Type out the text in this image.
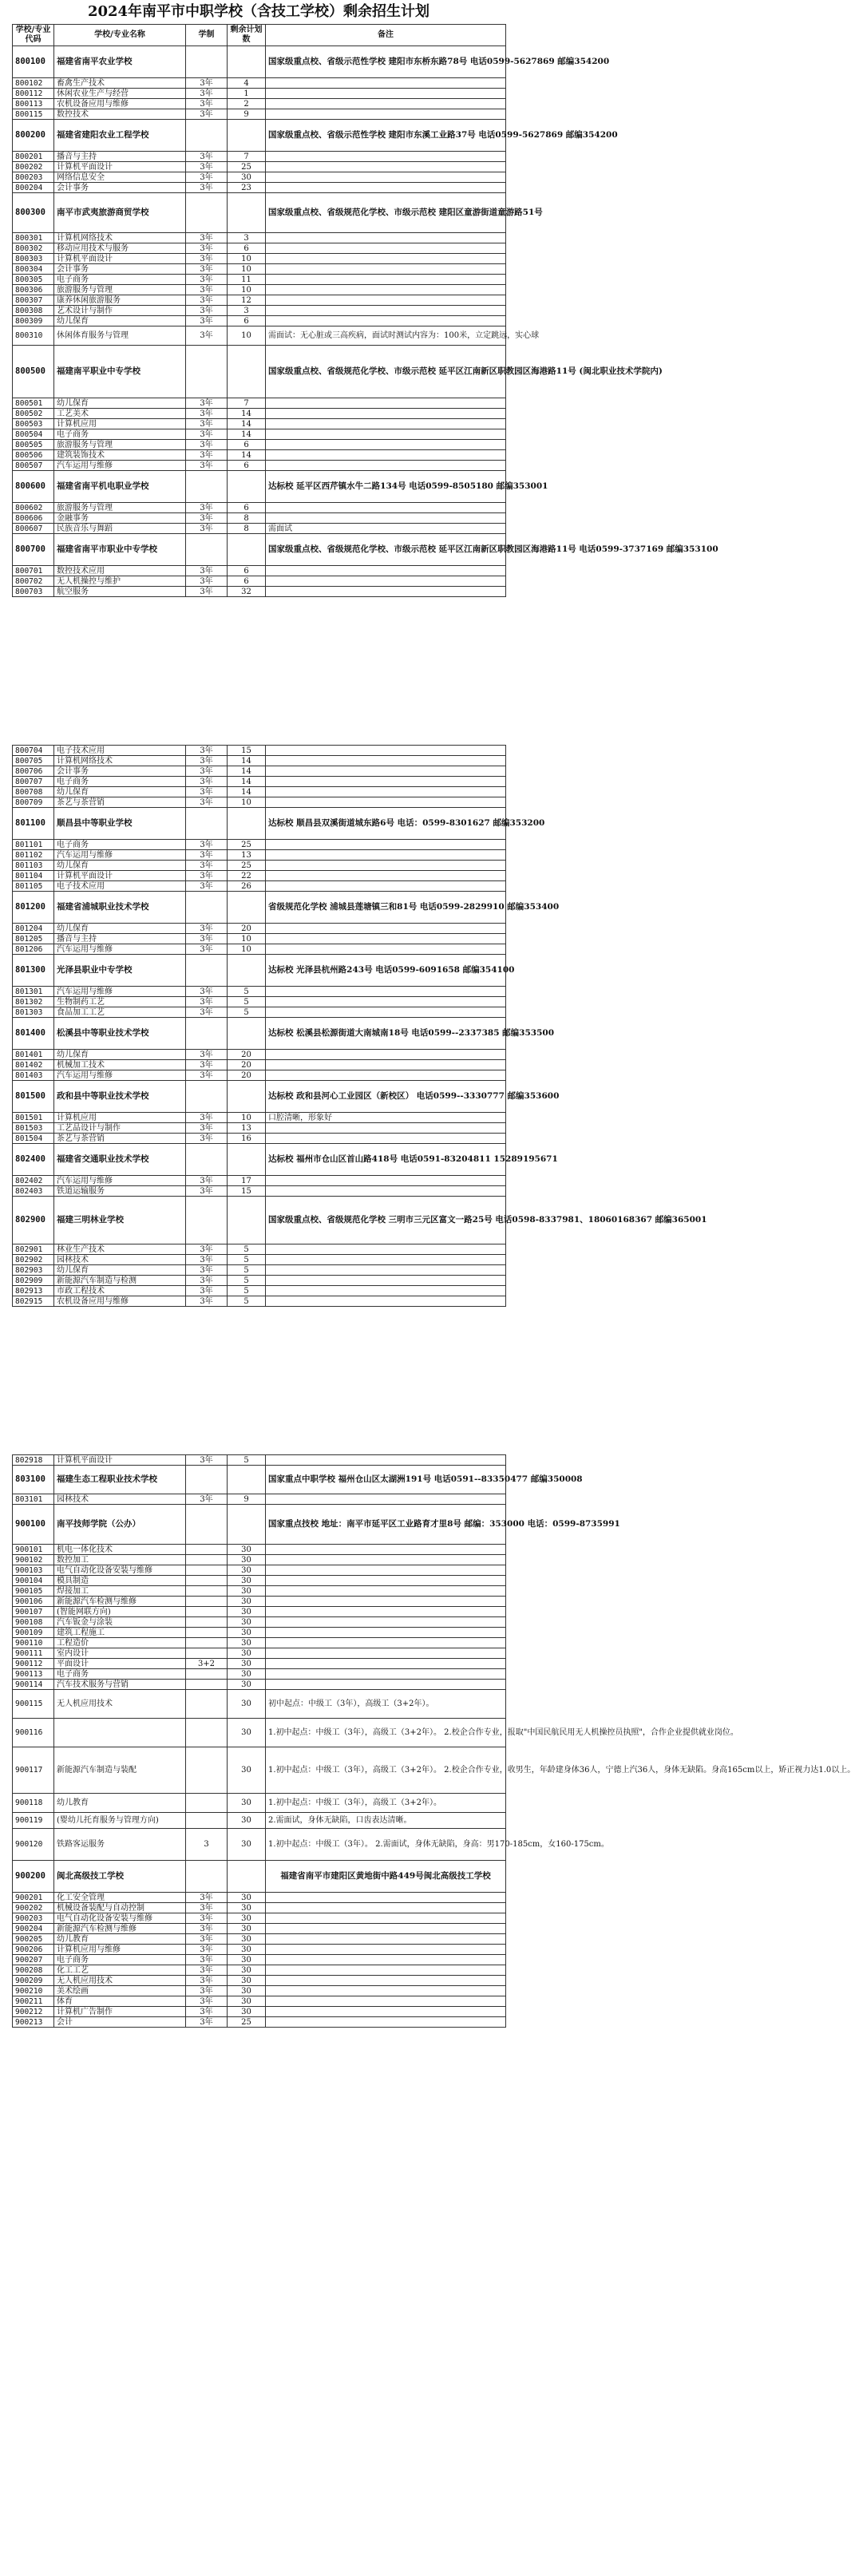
2024年南平市中职学校（含技工学校）剩余招生计划
学校/专业代码	学校/专业名称	学制	剩余计划数	备注
800100	福建省南平农业学校			国家级重点校、省级示范性学校 建阳市东桥东路78号 电话0599-5627869 邮编354200
800102	畜禽生产技术	3年	4	
800112	休闲农业生产与经营	3年	1	
800113	农机设备应用与维修	3年	2	
800115	数控技术	3年	9	
800200	福建省建阳农业工程学校			国家级重点校、省级示范性学校 建阳市东溪工业路37号 电话0599-5627869 邮编354200
800201	播音与主持	3年	7	
800202	计算机平面设计	3年	25	
800203	网络信息安全	3年	30	
800204	会计事务	3年	23	
800300	南平市武夷旅游商贸学校			国家级重点校、省级规范化学校、市级示范校 建阳区童游街道童游路51号
800301	计算机网络技术	3年	3	
800302	移动应用技术与服务	3年	6	
800303	计算机平面设计	3年	10	
800304	会计事务	3年	10	
800305	电子商务	3年	11	
800306	旅游服务与管理	3年	10	
800307	康养休闲旅游服务	3年	12	
800308	艺术设计与制作	3年	3	
800309	幼儿保育	3年	6	
800310	休闲体育服务与管理	3年	10	需面试：无心脏或三高疾病，面试时测试内容为：100米，立定跳远，实心球
800500	福建南平职业中专学校			国家级重点校、省级规范化学校、市级示范校 延平区江南新区职教园区海港路11号 (闽北职业技术学院内)
800501	幼儿保育	3年	7	
800502	工艺美术	3年	14	
800503	计算机应用	3年	14	
800504	电子商务	3年	14	
800505	旅游服务与管理	3年	6	
800506	建筑装饰技术	3年	14	
800507	汽车运用与维修	3年	6	
800600	福建省南平机电职业学校			达标校 延平区西芹镇水牛二路134号 电话0599-8505180 邮编353001
800602	旅游服务与管理	3年	6	
800606	金融事务	3年	8	
800607	民族音乐与舞蹈	3年	8	需面试
800700	福建省南平市职业中专学校			国家级重点校、省级规范化学校、市级示范校 延平区江南新区职教园区海港路11号 电话0599-3737169 邮编353100
800701	数控技术应用	3年	6	
800702	无人机操控与维护	3年	6	
800703	航空服务	3年	32	
800704	电子技术应用	3年	15	
800705	计算机网络技术	3年	14	
800706	会计事务	3年	14	
800707	电子商务	3年	14	
800708	幼儿保育	3年	14	
800709	茶艺与茶营销	3年	10	
801100	顺昌县中等职业学校			达标校 顺昌县双溪街道城东路6号 电话：0599-8301627 邮编353200
801101	电子商务	3年	25	
801102	汽车运用与维修	3年	13	
801103	幼儿保育	3年	25	
801104	计算机平面设计	3年	22	
801105	电子技术应用	3年	26	
801200	福建省浦城职业技术学校			省级规范化学校 浦城县莲塘镇三和81号 电话0599-2829910 邮编353400
801204	幼儿保育	3年	20	
801205	播音与主持	3年	10	
801206	汽车运用与维修	3年	10	
801300	光泽县职业中专学校			达标校 光泽县杭州路243号 电话0599-6091658 邮编354100
801301	汽车运用与维修	3年	5	
801302	生物制药工艺	3年	5	
801303	食品加工工艺	3年	5	
801400	松溪县中等职业技术学校			达标校 松溪县松源街道大南城南18号 电话0599--2337385 邮编353500
801401	幼儿保育	3年	20	
801402	机械加工技术	3年	20	
801403	汽车运用与维修	3年	20	
801500	政和县中等职业技术学校			达标校 政和县河心工业园区（新校区） 电话0599--3330777 邮编353600
801501	计算机应用	3年	10	口腔清晰，形象好
801503	工艺品设计与制作	3年	13	
801504	茶艺与茶营销	3年	16	
802400	福建省交通职业技术学校			达标校 福州市仓山区首山路418号 电话0591-83204811 15289195671
802402	汽车运用与维修	3年	17	
802403	铁道运输服务	3年	15	
802900	福建三明林业学校			国家级重点校、省级规范化学校 三明市三元区富文一路25号 电话0598-8337981、18060168367 邮编365001
802901	林业生产技术	3年	5	
802902	园林技术	3年	5	
802903	幼儿保育	3年	5	
802909	新能源汽车制造与检测	3年	5	
802913	市政工程技术	3年	5	
802915	农机设备应用与维修	3年	5	
802918	计算机平面设计	3年	5	
803100	福建生态工程职业技术学校			国家重点中职学校 福州仓山区太湖洲191号 电话0591--83350477 邮编350008
803101	园林技术	3年	9	
900100	南平技师学院（公办）			国家重点技校 地址：南平市延平区工业路育才里8号 邮编：353000 电话：0599-8735991
900101	机电一体化技术		30	
900102	数控加工		30	
900103	电气自动化设备安装与维修		30	
900104	模具制造		30	
900105	焊接加工		30	
900106	新能源汽车检测与维修		30	
900107	(智能网联方向)		30	
900108	汽车钣金与涂装		30	
900109	建筑工程施工		30	
900110	工程造价		30	
900111	室内设计		30	
900112	平面设计	3+2	30	
900113	电子商务		30	
900114	汽车技术服务与营销		30	
900115	无人机应用技术		30	初中起点：中级工（3年），高级工（3+2年）。
900116			30	1.初中起点：中级工（3年），高级工（3+2年）。 2.校企合作专业，报取"中国民航民用无人机操控员执照"，合作企业提供就业岗位。
900117	新能源汽车制造与装配		30	1.初中起点：中级工（3年），高级工（3+2年）。 2.校企合作专业，收男生，年龄建身体36人，宁德上汽36人，身体无缺陷。身高165cm以上，矫正视力达1.0以上。
900118	幼儿教育		30	1.初中起点：中级工（3年），高级工（3+2年）。
900119	(婴幼儿托育服务与管理方向)		30	2.需面试，身体无缺陷，口齿表达清晰。
900120	铁路客运服务	3	30	1.初中起点：中级工（3年）。 2.需面试，身体无缺陷，身高：男170-185cm，女160-175cm。
900200	闽北高级技工学校			福建省南平市建阳区黄地街中路449号闽北高级技工学校
900201	化工安全管理	3年	30	
900202	机械设备装配与自动控制	3年	30	
900203	电气自动化设备安装与维修	3年	30	
900204	新能源汽车检测与维修	3年	30	
900205	幼儿教育	3年	30	
900206	计算机应用与维修	3年	30	
900207	电子商务	3年	30	
900208	化工工艺	3年	30	
900209	无人机应用技术	3年	30	
900210	美术绘画	3年	30	
900211	体育	3年	30	
900212	计算机广告制作	3年	30	
900213	会计	3年	25	
